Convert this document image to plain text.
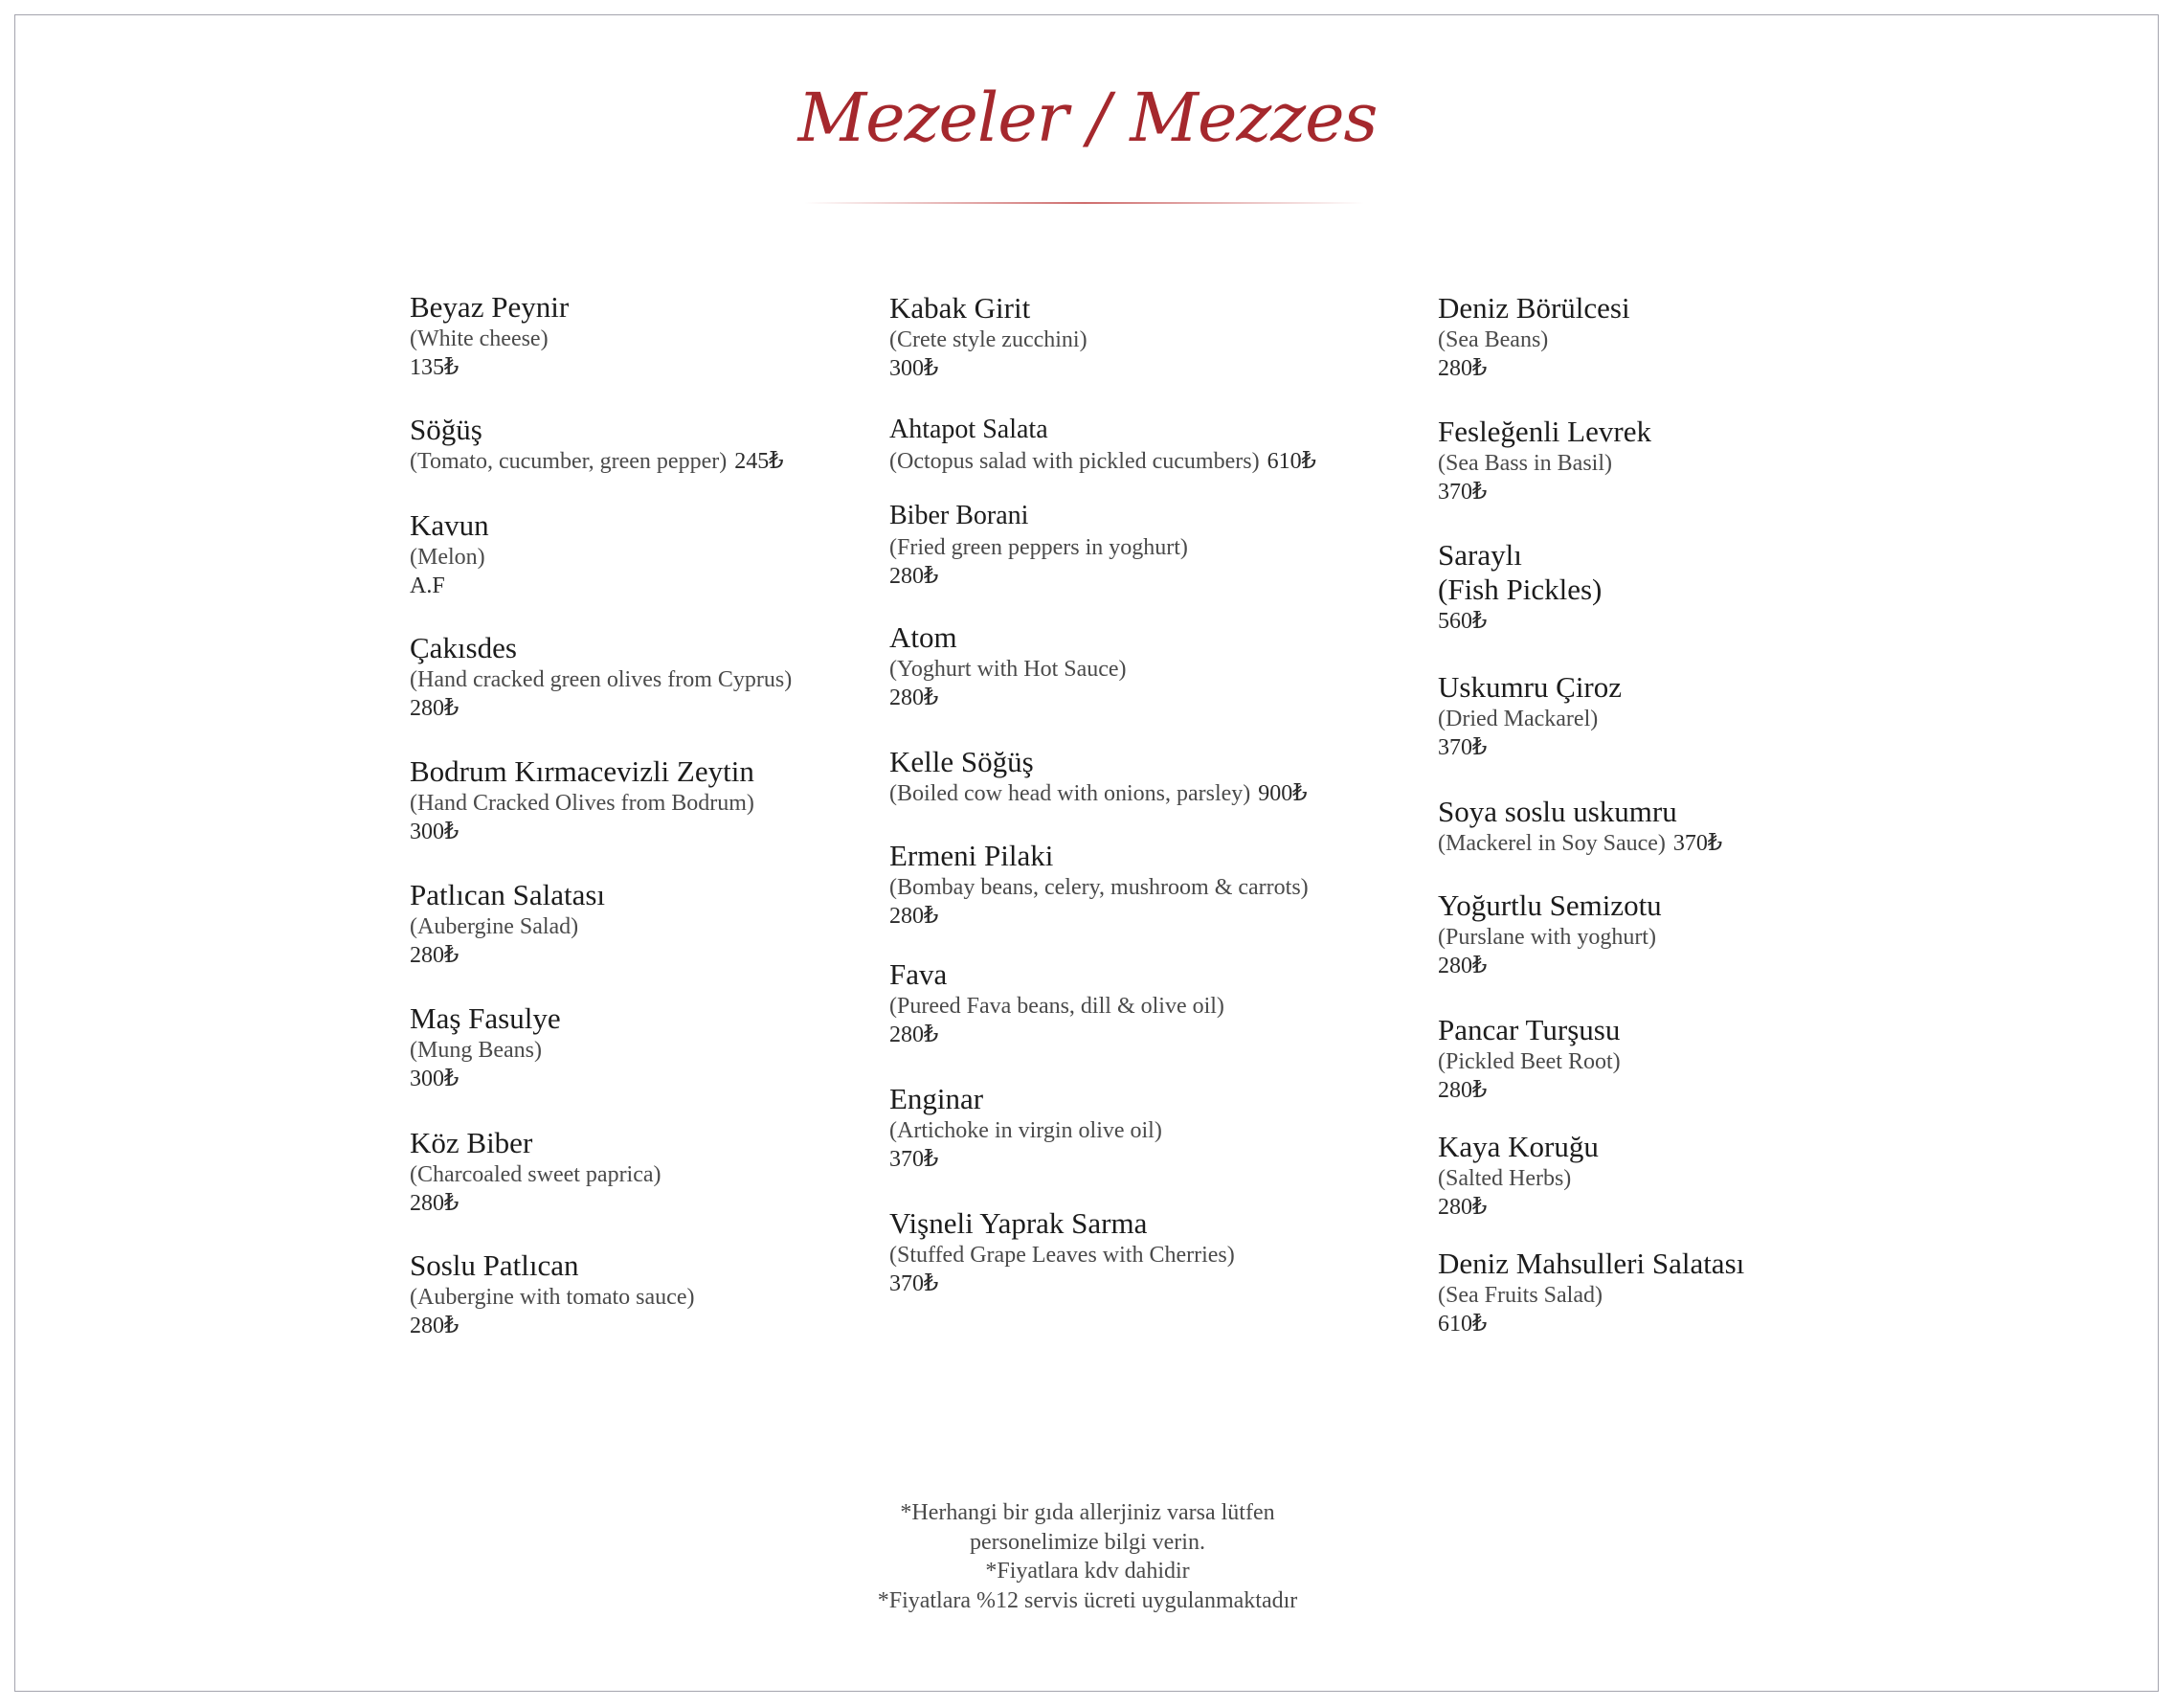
Mezeler / Mezzes
Beyaz Peynir
(White cheese)
135₺
Söğüş
(Tomato, cucumber, green pepper) 245₺
Kavun
(Melon)
A.F
Çakısdes
(Hand cracked green olives from Cyprus)
280₺
Bodrum Kırmacevizli Zeytin
(Hand Cracked Olives from Bodrum)
300₺
Patlıcan Salatası
(Aubergine Salad)
280₺
Maş Fasulye
(Mung Beans)
300₺
Köz Biber
(Charcoaled sweet paprica)
280₺
Soslu Patlıcan
(Aubergine with tomato sauce)
280₺
Kabak Girit
(Crete style zucchini)
300₺
Ahtapot Salata
(Octopus salad with pickled cucumbers) 610₺
Biber Borani
(Fried green peppers in yoghurt)
280₺
Atom
(Yoghurt with Hot Sauce)
280₺
Kelle Söğüş
(Boiled cow head with onions, parsley) 900₺
Ermeni Pilaki
(Bombay beans, celery, mushroom & carrots)
280₺
Fava
(Pureed Fava beans, dill & olive oil)
280₺
Enginar
(Artichoke in virgin olive oil)
370₺
Vişneli Yaprak Sarma
(Stuffed Grape Leaves with Cherries)
370₺
Deniz Börülcesi
(Sea Beans)
280₺
Fesleğenli Levrek
(Sea Bass in Basil)
370₺
Saraylı
(Fish Pickles)
560₺
Uskumru Çiroz
(Dried Mackarel)
370₺
Soya soslu uskumru
(Mackerel in Soy Sauce) 370₺
Yoğurtlu Semizotu
(Purslane with yoghurt)
280₺
Pancar Turşusu
(Pickled Beet Root)
280₺
Kaya Koruğu
(Salted Herbs)
280₺
Deniz Mahsulleri Salatası
(Sea Fruits Salad)
610₺
*Herhangi bir gıda allerjiniz varsa lütfen
personelimize bilgi verin.
*Fiyatlara kdv dahidir
*Fiyatlara %12 servis ücreti uygulanmaktadır
